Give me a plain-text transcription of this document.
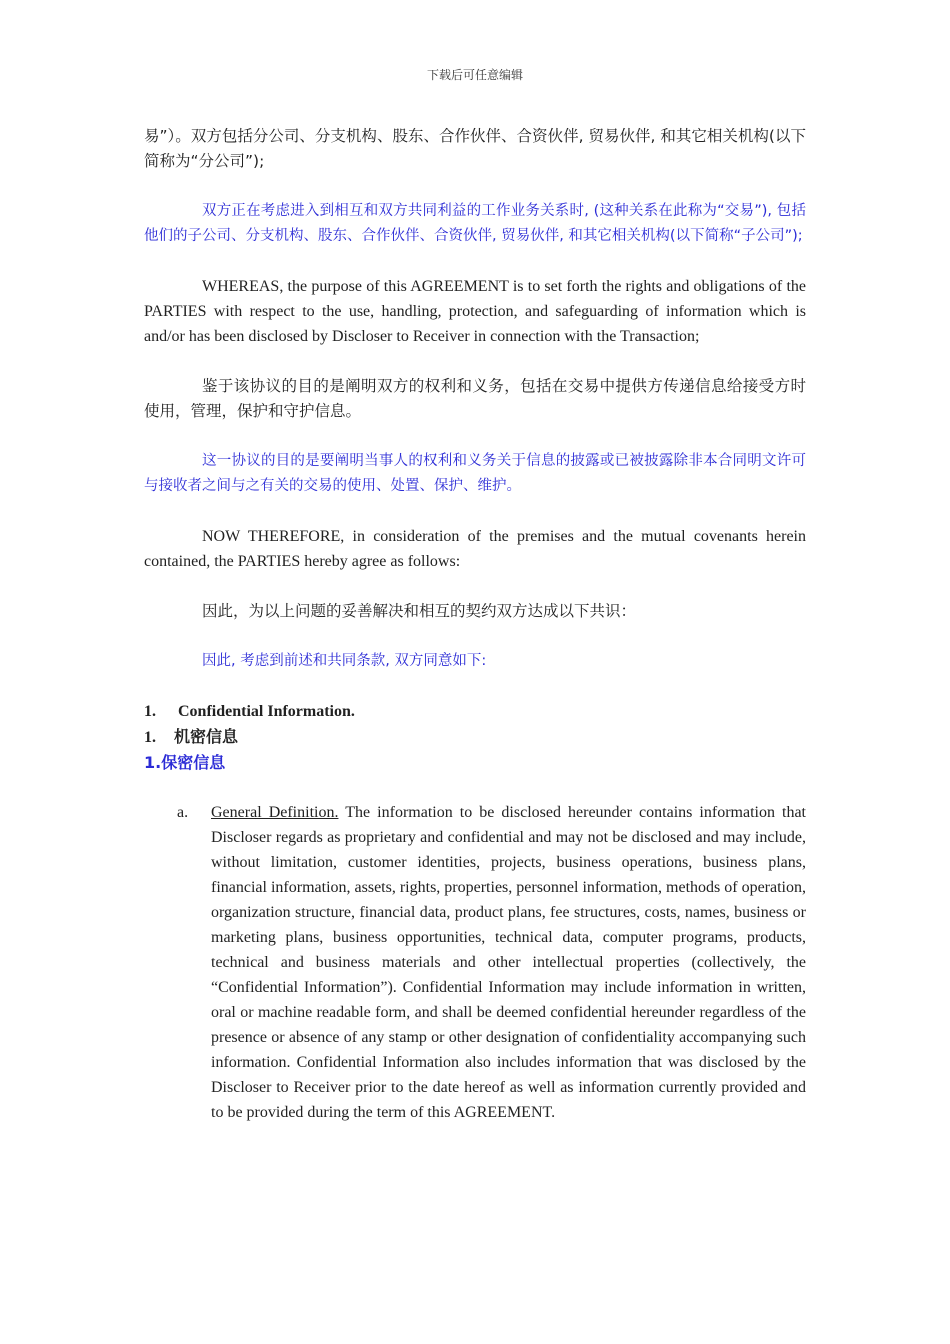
下载后可任意编辑

易”）。双方包括分公司、分支机构、股东、合作伙伴、合资伙伴, 贸易伙伴, 和其它相关机构(以下简称为“分公司”);

双方正在考虑进入到相互和双方共同利益的工作业务关系时, (这种关系在此称为“交易”), 包括他们的子公司、分支机构、股东、合作伙伴、合资伙伴, 贸易伙伴, 和其它相关机构(以下简称“子公司”);

WHEREAS, the purpose of this AGREEMENT is to set forth the rights and obligations of the PARTIES with respect to the use, handling, protection, and safeguarding of information which is and/or has been disclosed by Discloser to Receiver in connection with the Transaction;

鉴于该协议的目的是阐明双方的权利和义务，包括在交易中提供方传递信息给接受方时使用，管理，保护和守护信息。

这一协议的目的是要阐明当事人的权利和义务关于信息的披露或已被披露除非本合同明文许可与接收者之间与之有关的交易的使用、处置、保护、维护。

NOW THEREFORE, in consideration of the premises and the mutual covenants herein contained, the PARTIES hereby agree as follows:

因此，为以上问题的妥善解决和相互的契约双方达成以下共识：

因此, 考虑到前述和共同条款, 双方同意如下:

1. Confidential Information.

1. 机密信息

1.保密信息

a. General Definition. The information to be disclosed hereunder contains information that Discloser regards as proprietary and confidential and may not be disclosed and may include, without limitation, customer identities, projects, business operations, business plans, financial information, assets, rights, properties, personnel information, methods of operation, organization structure, financial data, product plans, fee structures, costs, names, business or marketing plans, business opportunities, technical data, computer programs, products, technical and business materials and other intellectual properties (collectively, the “Confidential Information”). Confidential Information may include information in written, oral or machine readable form, and shall be deemed confidential hereunder regardless of the presence or absence of any stamp or other designation of confidentiality accompanying such information. Confidential Information also includes information that was disclosed by the Discloser to Receiver prior to the date hereof as well as information currently provided and to be provided during the term of this AGREEMENT.
